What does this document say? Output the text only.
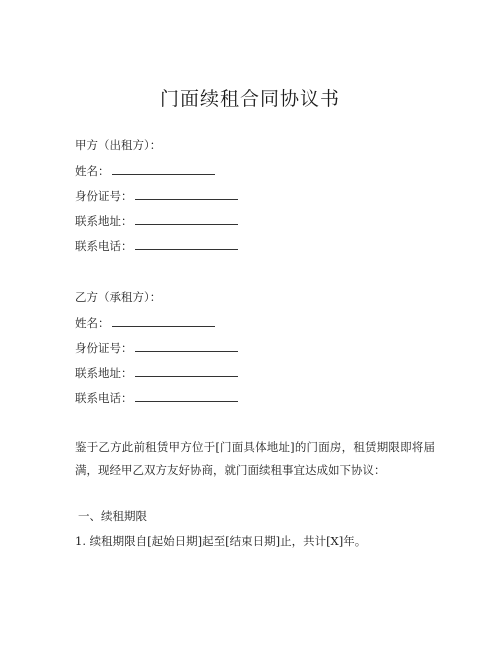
门面续租合同协议书
甲方（出租方）：
姓名：
身份证号：
联系地址：
联系电话：
乙方（承租方）：
姓名：
身份证号：
联系地址：
联系电话：
鉴于乙方此前租赁甲方位于[门面具体地址]的门面房，租赁期限即将届满，现经甲乙双方友好协商，就门面续租事宜达成如下协议：
一、续租期限
1. 续租期限自[起始日期]起至[结束日期]止，共计[X]年。
